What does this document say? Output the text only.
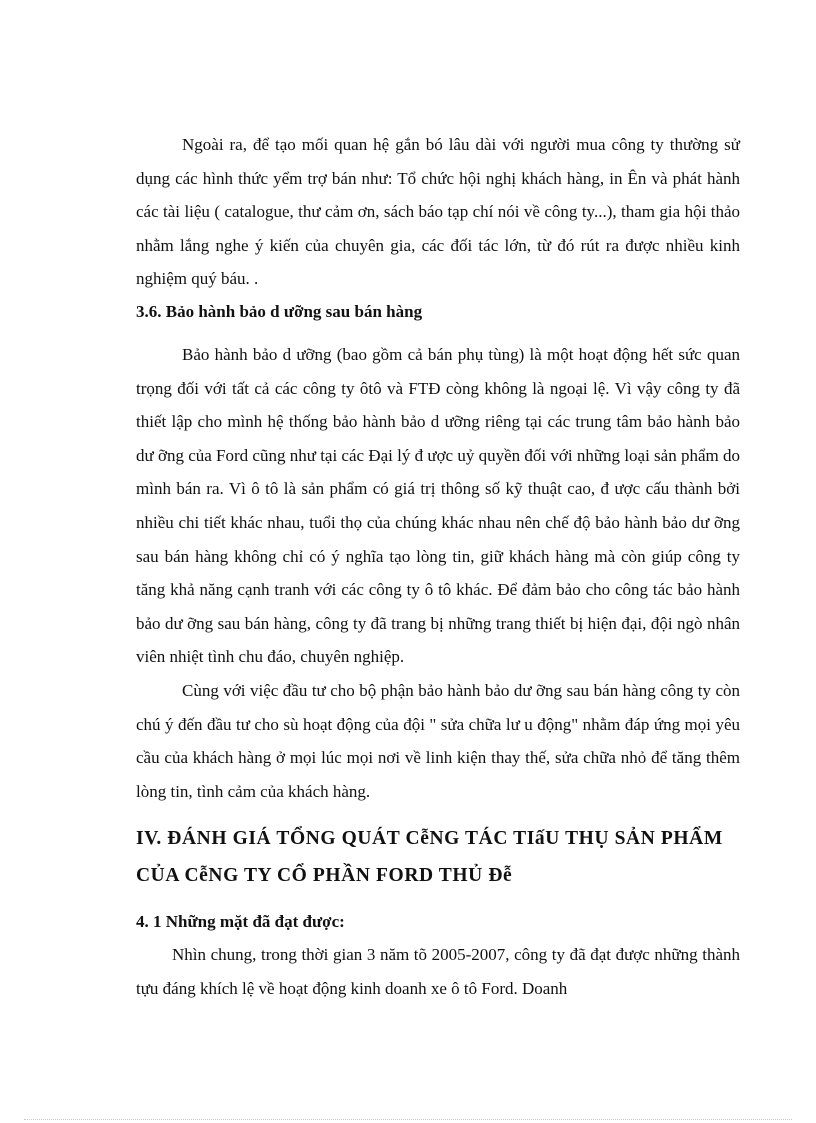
Ngoài ra, để tạo mối quan hệ gắn bó lâu dài với người mua công ty thường sử dụng các hình thức yểm trợ bán như: Tổ chức hội nghị khách hàng, in Ên và phát hành các tài liệu ( catalogue, thư cảm ơn, sách báo tạp chí nói về công ty...), tham gia hội thảo nhằm lắng nghe ý kiến của chuyên gia, các đối tác lớn, từ đó rút ra được nhiều kinh nghiệm quý báu. .

3.6. Bảo hành bảo d ưỡng sau bán hàng

Bảo hành bảo d ưỡng (bao gồm cả bán phụ tùng) là một hoạt động hết sức quan trọng đối với tất cả các công ty ôtô và FTĐ còng không là ngoại lệ. Vì vậy công ty đã thiết lập cho mình hệ thống bảo hành bảo d ưỡng riêng tại các trung tâm bảo hành bảo dư ỡng của Ford cũng như tại các Đại lý đ ược uỷ quyền đối với những loại sản phẩm do mình bán ra. Vì ô tô là sản phẩm có giá trị thông số kỹ thuật cao, đ ược cấu thành bởi nhiều chi tiết khác nhau, tuổi thọ của chúng khác nhau nên chế độ bảo hành bảo dư ỡng sau bán hàng không chỉ có ý nghĩa tạo lòng tin, giữ khách hàng mà còn giúp công ty tăng khả năng cạnh tranh với các công ty ô tô khác. Để đảm bảo cho công tác bảo hành bảo dư ỡng sau bán hàng, công ty đã trang bị những trang thiết bị hiện đại, đội ngò nhân viên nhiệt tình chu đáo, chuyên nghiệp.

Cùng với việc đầu tư cho bộ phận bảo hành bảo dư ỡng sau bán hàng công ty còn chú ý đến đầu tư cho sù hoạt động của đội " sửa chữa lư u động" nhằm đáp ứng mọi yêu cầu của khách hàng ở mọi lúc mọi nơi về linh kiện thay thế, sửa chữa nhỏ để tăng thêm lòng tin, tình cảm của khách hàng.

IV. ĐÁNH GIÁ TỔNG QUÁT CễNG TÁC TIấU THỤ SẢN PHẨM CỦA CễNG TY CỔ PHẦN FORD THỦ Đễ

4. 1 Những mặt đã đạt được:

Nhìn chung, trong thời gian 3 năm tõ 2005-2007, công ty đã đạt được những thành tựu đáng khích lệ về hoạt động kinh doanh xe ô tô Ford. Doanh
